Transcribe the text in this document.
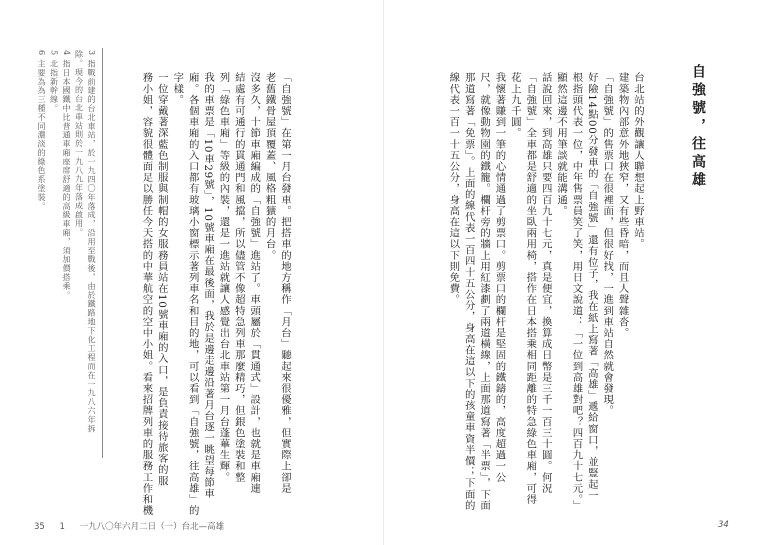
「自強號」在第一月台發車。把搭車的地方稱作「月台」聽起來很優雅，但實際上卻是
老舊鐵骨屋頂覆蓋、風格粗獷的月台。
沒多久，十節車廂編成的「自強號」進站了。車頭屬於「貫通式」設計，也就是車廂連
結處有可通行的貫通門和風擋，所以儘管不像超特急列車那麼精巧，但銀色塗裝和整
列「綠色車廂」等級的內裝，還是一進站就讓人感覺出台北車站第一月台蓬蓽生輝。
我的車票是「10車29號」，10號車廂在最後面，我於是邊走邊沿著月台逐一眺望每節車
廂。各個車廂的入口都有玻璃小窗標示著列車名和目的地，可以看到「自強號，往高雄」的
字樣。
一位穿戴著深藍色制服與制帽的女服務員站在10號車廂的入口，是負責接待旅客的服
務小姐，容貌很體面足以勝任今天搭的中華航空的空中小姐。看來招牌列車的服務工作和機
3 指戰前建的台北車站，於一九四〇年落成，沿用至戰後，由於鐵路地下化工程而在一九八六年拆
除。現今的台北車站則於一九八九年落成啟用。
4 指日本國鐵中比普通車廂座席舒適的高級車廂，須加價搭乘。
5 北指新幹線。
6 主要為為三種不同濃淡的綠色系塗裝。
35 1 一九八〇年六月二日（一）台北—高雄
自強號，往高雄
台北站的外觀讓人聯想起上野車站。
建築物內部意外地狹窄，又有些昏暗，而且人聲雜沓。
「自強號」的售票口在很裡面，但很好找，一進到車站自然就會發現。
好險14點00分發車的「自強號」還有位子，我在紙上寫著「高雄」遞給窗口，並豎起一
根指頭代表一位，中年售票員笑了笑，用日文說道：「一位到高雄對吧？四百九十七元。」
顯然這邊不用筆談就能溝通。
話說回來，到高雄只要四百九十七元，真是便宜，換算成日幣是三千一百三十圓。何況
「自強號」全車都是舒適的坐臥兩用椅，搭作在日本搭乘相同距離的特急綠色車廂，可得
花上九千圓。
我懷著賺到一筆的心情通過了剪票口。剪票口的欄杆是堅固的鐵鑄的，高度超過一公
尺，就像動物園的鐵籠。欄杆旁的牆上用紅漆劃了兩道橫線，上面那道寫著「半票」，下面
那道寫著「免票」。上面的線代表一百四十五公分，身高在這以下的孩童車資半價；下面的
線代表一百一十五公分，身高在這以下則免費。
34
